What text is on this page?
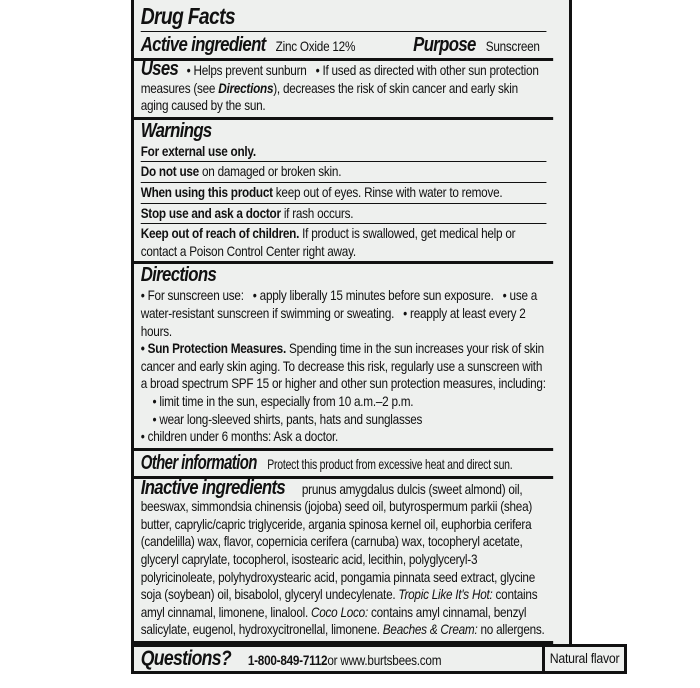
Drug Facts
Active ingredient Zinc Oxide 12%	Purpose Sunscreen
Uses • Helps prevent sunburn • If used as directed with other sun protection measures (see Directions), decreases the risk of skin cancer and early skin aging caused by the sun.
Warnings
For external use only.
Do not use on damaged or broken skin.
When using this product keep out of eyes. Rinse with water to remove.
Stop use and ask a doctor if rash occurs.
Keep out of reach of children. If product is swallowed, get medical help or contact a Poison Control Center right away.
Directions
• For sunscreen use:   • apply liberally 15 minutes before sun exposure.   • use a water-resistant sunscreen if swimming or sweating.   • reapply at least every 2 hours.
• Sun Protection Measures. Spending time in the sun increases your risk of skin cancer and early skin aging. To decrease this risk, regularly use a sunscreen with a broad spectrum SPF 15 or higher and other sun protection measures, including:
• limit time in the sun, especially from 10 a.m.–2 p.m.
• wear long-sleeved shirts, pants, hats and sunglasses
• children under 6 months: Ask a doctor.
Other information Protect this product from excessive heat and direct sun.
Inactive ingredients prunus amygdalus dulcis (sweet almond) oil, beeswax, simmondsia chinensis (jojoba) seed oil, butyrospermum parkii (shea) butter, caprylic/capric triglyceride, argania spinosa kernel oil, euphorbia cerifera (candelilla) wax, flavor, copernicia cerifera (carnuba) wax, tocopheryl acetate, glyceryl caprylate, tocopherol, isostearic acid, lecithin, polyglyceryl-3 polyricinoleate, polyhydroxystearic acid, pongamia pinnata seed extract, glycine soja (soybean) oil, bisabolol, glyceryl undecylenate. Tropic Like It's Hot: contains amyl cinnamal, limonene, linalool. Coco Loco: contains amyl cinnamal, benzyl salicylate, eugenol, hydroxycitronellal, limonene. Beaches & Cream: no allergens.
Questions? 1-800-849-7112 or www.burtsbees.com	Natural flavor
